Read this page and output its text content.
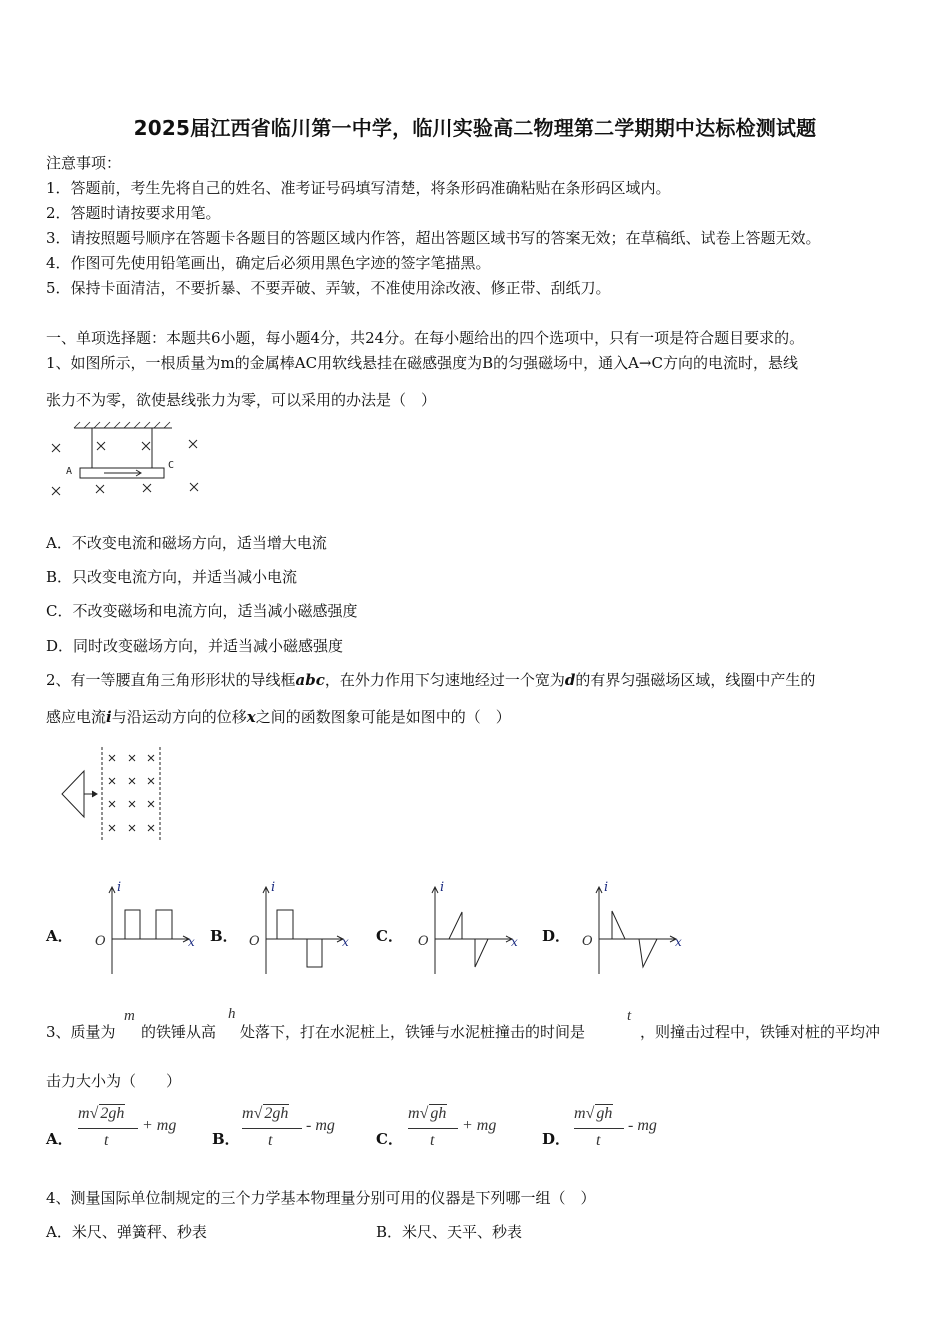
2025届江西省临川第一中学，临川实验高二物理第二学期期中达标检测试题
注意事项：
1．答题前，考生先将自己的姓名、准考证号码填写清楚，将条形码准确粘贴在条形码区域内。
2．答题时请按要求用笔。
3．请按照题号顺序在答题卡各题目的答题区域内作答，超出答题区域书写的答案无效；在草稿纸、试卷上答题无效。
4．作图可先使用铅笔画出，确定后必须用黑色字迹的签字笔描黑。
5．保持卡面清洁，不要折暴、不要弄破、弄皱，不准使用涂改液、修正带、刮纸刀。
一、单项选择题：本题共6小题，每小题4分，共24分。在每小题给出的四个选项中，只有一项是符合题目要求的。
1、如图所示，一根质量为m的金属棒AC用软线悬挂在磁感强度为B的匀强磁场中，通入A→C方向的电流时，悬线
张力不为零，欲使悬线张力为零，可以采用的办法是（　）
A
C
A．不改变电流和磁场方向，适当增大电流
B．只改变电流方向，并适当减小电流
C．不改变磁场和电流方向，适当减小磁感强度
D．同时改变磁场方向，并适当减小磁感强度
2、有一等腰直角三角形形状的导线框abc，在外力作用下匀速地经过一个宽为d的有界匀强磁场区域，线圈中产生的
感应电流i与沿运动方向的位移x之间的函数图象可能是如图中的（　）
A． O
i
x B． O
i
x C． O
i
x D． O
i
x
3、质量为
m
的铁锤从高
h
处落下，打在水泥桩上，铁锤与水泥桩撞击的时间是
t
，则撞击过程中，铁锤对桩的平均冲
击力大小为（　　）
A．
m√ 2gh
t
+ mg
B．
m√ 2gh
t
- mg
C．
m√ gh
t
+ mg
D．
m√ gh
t
- mg
4、测量国际单位制规定的三个力学基本物理量分别可用的仪器是下列哪一组（　）
A．米尺、弹簧秤、秒表	B．米尺、天平、秒表
